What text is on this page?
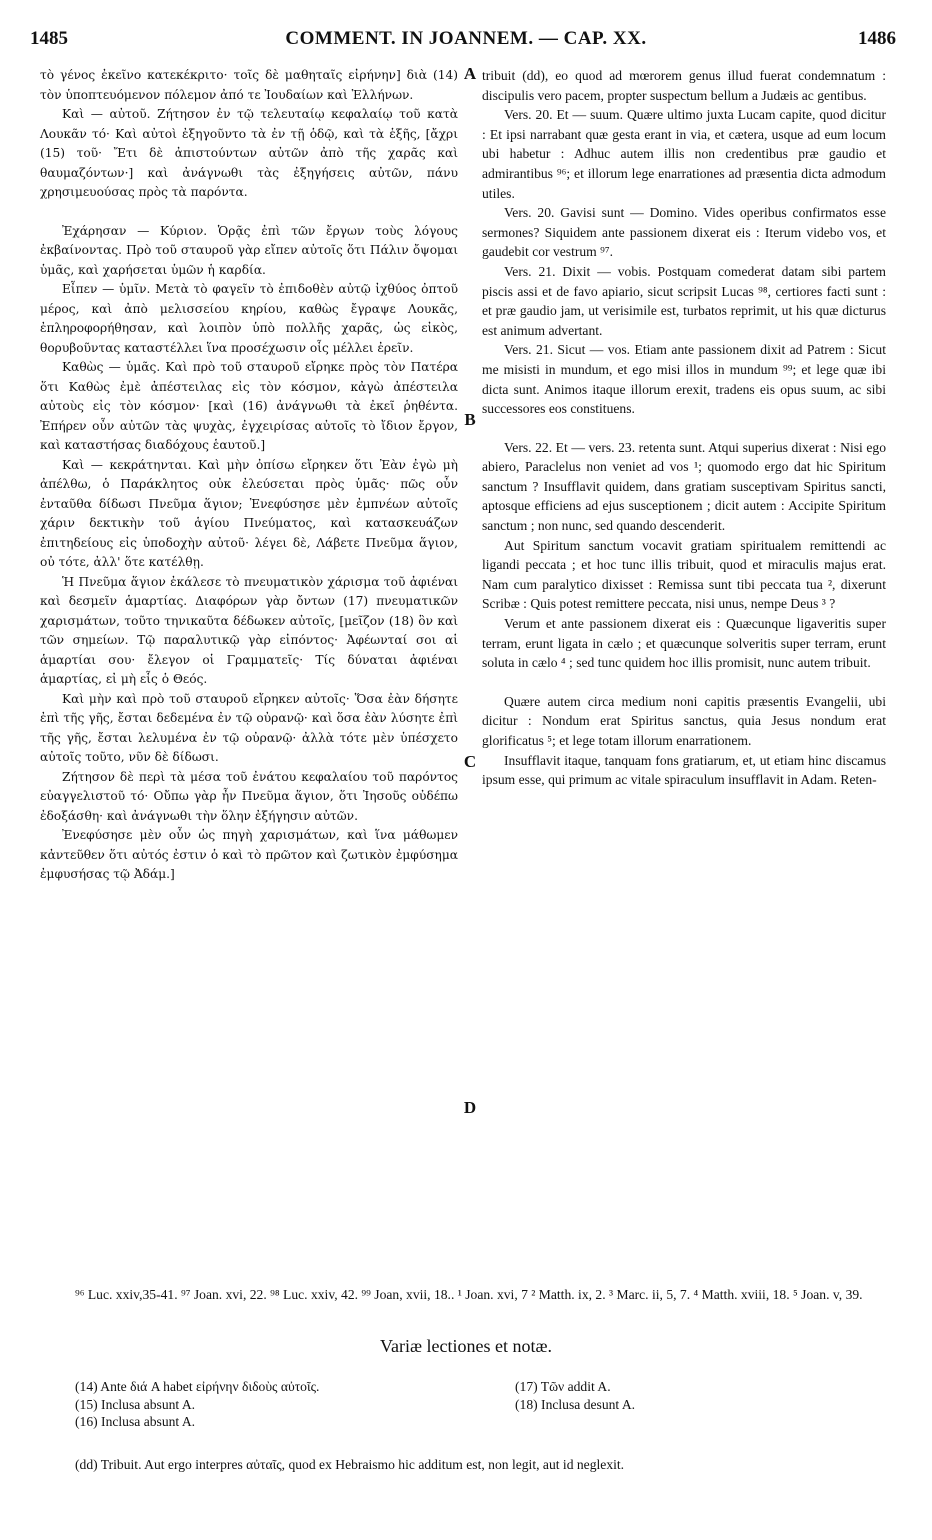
1485	COMMENT. IN JOANNEM. — CAP. XX.	1486

τὸ γένος ἐκεῖνο κατεκέκριτο· τοῖς δὲ μαθηταῖς εἰρήνην] διὰ (14) τὸν ὑποπτευόμενον πόλεμον ἀπό τε Ἰουδαίων καὶ Ἑλλήνων.

Καὶ — αὐτοῦ. Ζήτησον ἐν τῷ τελευταίῳ κεφαλαίῳ τοῦ κατὰ Λουκᾶν τό· Καὶ αὐτοὶ ἐξηγοῦντο τὰ ἐν τῇ ὁδῷ, καὶ τὰ ἑξῆς, [ἄχρι (15) τοῦ· Ἔτι δὲ ἀπιστούντων αὐτῶν ἀπὸ τῆς χαρᾶς καὶ θαυμαζόντων·] καὶ ἀνάγνωθι τὰς ἐξηγήσεις αὐτῶν, πάνυ χρησιμευούσας πρὸς τὰ παρόντα.

Ἐχάρησαν — Κύριον. Ὁρᾷς ἐπὶ τῶν ἔργων τοὺς λόγους ἐκβαίνοντας. Πρὸ τοῦ σταυροῦ γὰρ εἴπεν αὐτοῖς ὅτι Πάλιν ὄψομαι ὑμᾶς, καὶ χαρήσεται ὑμῶν ἡ καρδία.

Εἶπεν — ὑμῖν. Μετὰ τὸ φαγεῖν τὸ ἐπιδοθὲν αὐτῷ ἰχθύος ὀπτοῦ μέρος, καὶ ἀπὸ μελισσείου κηρίου, καθὼς ἔγραψε Λουκᾶς, ἐπληροφορήθησαν, καὶ λοιπὸν ὑπὸ πολλῆς χαρᾶς, ὡς εἰκὸς, θορυβοῦντας καταστέλλει ἵνα προσέχωσιν οἷς μέλλει ἐρεῖν.

Καθὼς — ὑμᾶς. Καὶ πρὸ τοῦ σταυροῦ εἴρηκε πρὸς τὸν Πατέρα ὅτι Καθὼς ἐμὲ ἀπέστειλας εἰς τὸν κόσμον, κἀγὼ ἀπέστειλα αὐτοὺς εἰς τὸν κόσμον· [καὶ (16) ἀνάγνωθι τὰ ἐκεῖ ῥηθέντα. Ἐπήρεν οὖν αὐτῶν τὰς ψυχὰς, ἐγχειρίσας αὐτοῖς τὸ ἴδιον ἔργον, καὶ καταστήσας διαδόχους ἑαυτοῦ.]

Καὶ — κεκράτηνται. Καὶ μὴν ὀπίσω εἴρηκεν ὅτι Ἐὰν ἐγὼ μὴ ἀπέλθω, ὁ Παράκλητος οὐκ ἐλεύσεται πρὸς ὑμᾶς· πῶς οὖν ἐνταῦθα δίδωσι Πνεῦμα ἅγιον; Ἐνεφύσησε μὲν ἐμπνέων αὐτοῖς χάριν δεκτικὴν τοῦ ἁγίου Πνεύματος, καὶ κατασκευάζων ἐπιτηδείους εἰς ὑποδοχὴν αὐτοῦ· λέγει δὲ, Λάβετε Πνεῦμα ἅγιον, οὐ τότε, ἀλλ' ὅτε κατέλθῃ.

Ἡ Πνεῦμα ἅγιον ἐκάλεσε τὸ πνευματικὸν χάρισμα τοῦ ἀφιέναι καὶ δεσμεῖν ἁμαρτίας. Διαφόρων γὰρ ὄντων (17) πνευματικῶν χαρισμάτων, τοῦτο τηνικαῦτα δέδωκεν αὐτοῖς, [μεῖζον (18) ὃν καὶ τῶν σημείων. Τῷ παραλυτικῷ γὰρ εἰπόντος· Ἀφέωνταί σοι αἱ ἁμαρτίαι σου· ἔλεγον οἱ Γραμματεῖς· Τίς δύναται ἀφιέναι ἁμαρτίας, εἰ μὴ εἷς ὁ Θεός.

Καὶ μὴν καὶ πρὸ τοῦ σταυροῦ εἴρηκεν αὐτοῖς· Ὅσα ἐὰν δήσητε ἐπὶ τῆς γῆς, ἔσται δεδεμένα ἐν τῷ οὐρανῷ· καὶ ὅσα ἐὰν λύσητε ἐπὶ τῆς γῆς, ἔσται λελυμένα ἐν τῷ οὐρανῷ· ἀλλὰ τότε μὲν ὑπέσχετο αὐτοῖς τοῦτο, νῦν δὲ δίδωσι.

Ζήτησον δὲ περὶ τὰ μέσα τοῦ ἐνάτου κεφαλαίου τοῦ παρόντος εὐαγγελιστοῦ τό· Οὔπω γὰρ ἦν Πνεῦμα ἅγιον, ὅτι Ἰησοῦς οὐδέπω ἐδοξάσθη· καὶ ἀνάγνωθι τὴν ὅλην ἐξήγησιν αὐτῶν.

Ἐνεφύσησε μὲν οὖν ὡς πηγὴ χαρισμάτων, καὶ ἵνα μάθωμεν κἀντεῦθεν ὅτι αὐτός ἐστιν ὁ καὶ τὸ πρῶτον καὶ ζωτικὸν ἐμφύσημα ἐμφυσήσας τῷ Ἀδάμ.]

A
B
C
D

tribuit (dd), eo quod ad mœrorem genus illud fuerat condemnatum : discipulis vero pacem, propter suspectum bellum a Judæis ac gentibus.

Vers. 20. Et — suum. Quære ultimo juxta Lucam capite, quod dicitur : Et ipsi narrabant quæ gesta erant in via, et cætera, usque ad eum locum ubi habetur : Adhuc autem illis non credentibus præ gaudio et admirantibus ⁹⁶; et illorum lege enarrationes ad præsentia dicta admodum utiles.

Vers. 20. Gavisi sunt — Domino. Vides operibus confirmatos esse sermones? Siquidem ante passionem dixerat eis : Iterum videbo vos, et gaudebit cor vestrum ⁹⁷.

Vers. 21. Dixit — vobis. Postquam comederat datam sibi partem piscis assi et de favo apiario, sicut scripsit Lucas ⁹⁸, certiores facti sunt : et præ gaudio jam, ut verisimile est, turbatos reprimit, ut his quæ dicturus est animum advertant.

Vers. 21. Sicut — vos. Etiam ante passionem dixit ad Patrem : Sicut me misisti in mundum, et ego misi illos in mundum ⁹⁹; et lege quæ ibi dicta sunt. Animos itaque illorum erexit, tradens eis opus suum, ac sibi successores eos constituens.

Vers. 22. Et — vers. 23. retenta sunt. Atqui superius dixerat : Nisi ego abiero, Paraclelus non veniet ad vos ¹; quomodo ergo dat hic Spiritum sanctum ? Insufflavit quidem, dans gratiam susceptivam Spiritus sancti, aptosque efficiens ad ejus susceptionem ; dicit autem : Accipite Spiritum sanctum ; non nunc, sed quando descenderit.

Aut Spiritum sanctum vocavit gratiam spiritualem remittendi ac ligandi peccata ; et hoc tunc illis tribuit, quod et miraculis majus erat. Nam cum paralytico dixisset : Remissa sunt tibi peccata tua ², dixerunt Scribæ : Quis potest remittere peccata, nisi unus, nempe Deus ³ ?

Verum et ante passionem dixerat eis : Quæcunque ligaveritis super terram, erunt ligata in cælo ; et quæcunque solveritis super terram, erunt soluta in cælo ⁴ ; sed tunc quidem hoc illis promisit, nunc autem tribuit.

Quære autem circa medium noni capitis præsentis Evangelii, ubi dicitur : Nondum erat Spiritus sanctus, quia Jesus nondum erat glorificatus ⁵; et lege totam illorum enarrationem.

Insufflavit itaque, tanquam fons gratiarum, et, ut etiam hinc discamus ipsum esse, qui primum ac vitale spiraculum insufflavit in Adam. Reten-

⁹⁶ Luc. xxiv,35-41. ⁹⁷ Joan. xvi, 22. ⁹⁸ Luc. xxiv, 42. ⁹⁹ Joan, xvii, 18.. ¹ Joan. xvi, 7 ² Matth. ix, 2. ³ Marc. ii, 5, 7. ⁴ Matth. xviii, 18. ⁵ Joan. v, 39.

Variæ lectiones et notæ.

(14) Ante διά A habet εἰρήνην διδοὺς αὐτοῖς.

(15) Inclusa absunt A.

(16) Inclusa absunt A.

(17) Τῶν addit A.

(18) Inclusa desunt A.

(dd) Tribuit. Aut ergo interpres αὐταῖς, quod ex Hebraismo hic additum est, non legit, aut id neglexit.
